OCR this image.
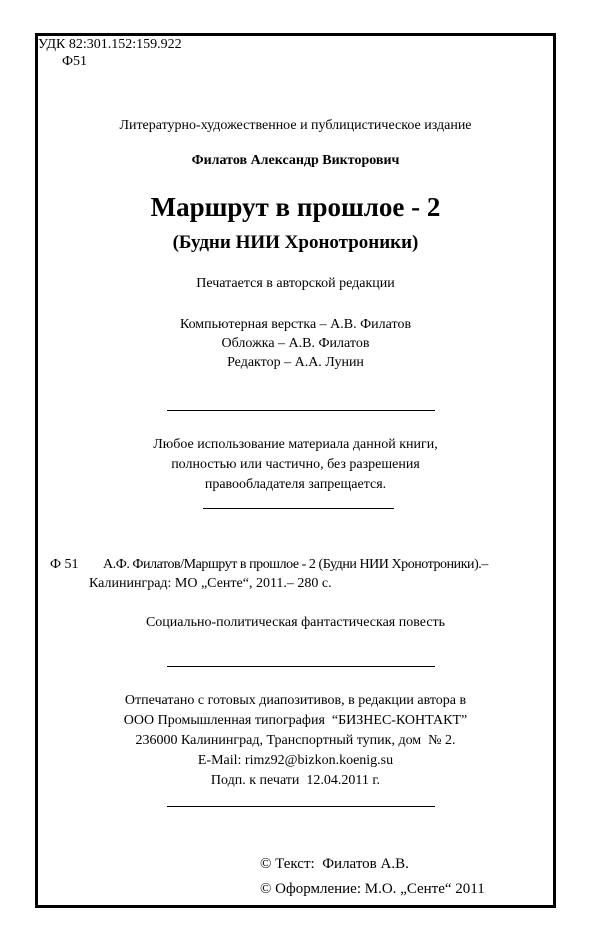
УДК 82:301.152:159.922
Ф51
Литературно-художественное и публицистическое издание
Филатов Александр Викторович
Маршрут в прошлое - 2
(Будни НИИ Хронотроники)
Печатается в авторской редакции
Компьютерная верстка – А.В. Филатов
Обложка – А.В. Филатов
Редактор – А.А. Лунин
Любое использование материала данной книги,
полностью или частично, без разрешения
правообладателя запрещается.
Ф 51 А.Ф. Филатов/Маршрут в прошлое - 2 (Будни НИИ Хронотроники).–
Калининград: МО „Сенте“, 2011.– 280 с.
Социально-политическая фантастическая повесть
Отпечатано с готовых диапозитивов, в редакции автора в
ООО Промышленная типография  “БИЗНЕС-КОНТАКТ”
236000 Калининград, Транспортный тупик, дом  № 2.
E-Mail: rimz92@bizkon.koenig.su
Подп. к печати  12.04.2011 г.
© Текст:  Филатов А.В.
© Оформление: М.О. „Сенте“ 2011
